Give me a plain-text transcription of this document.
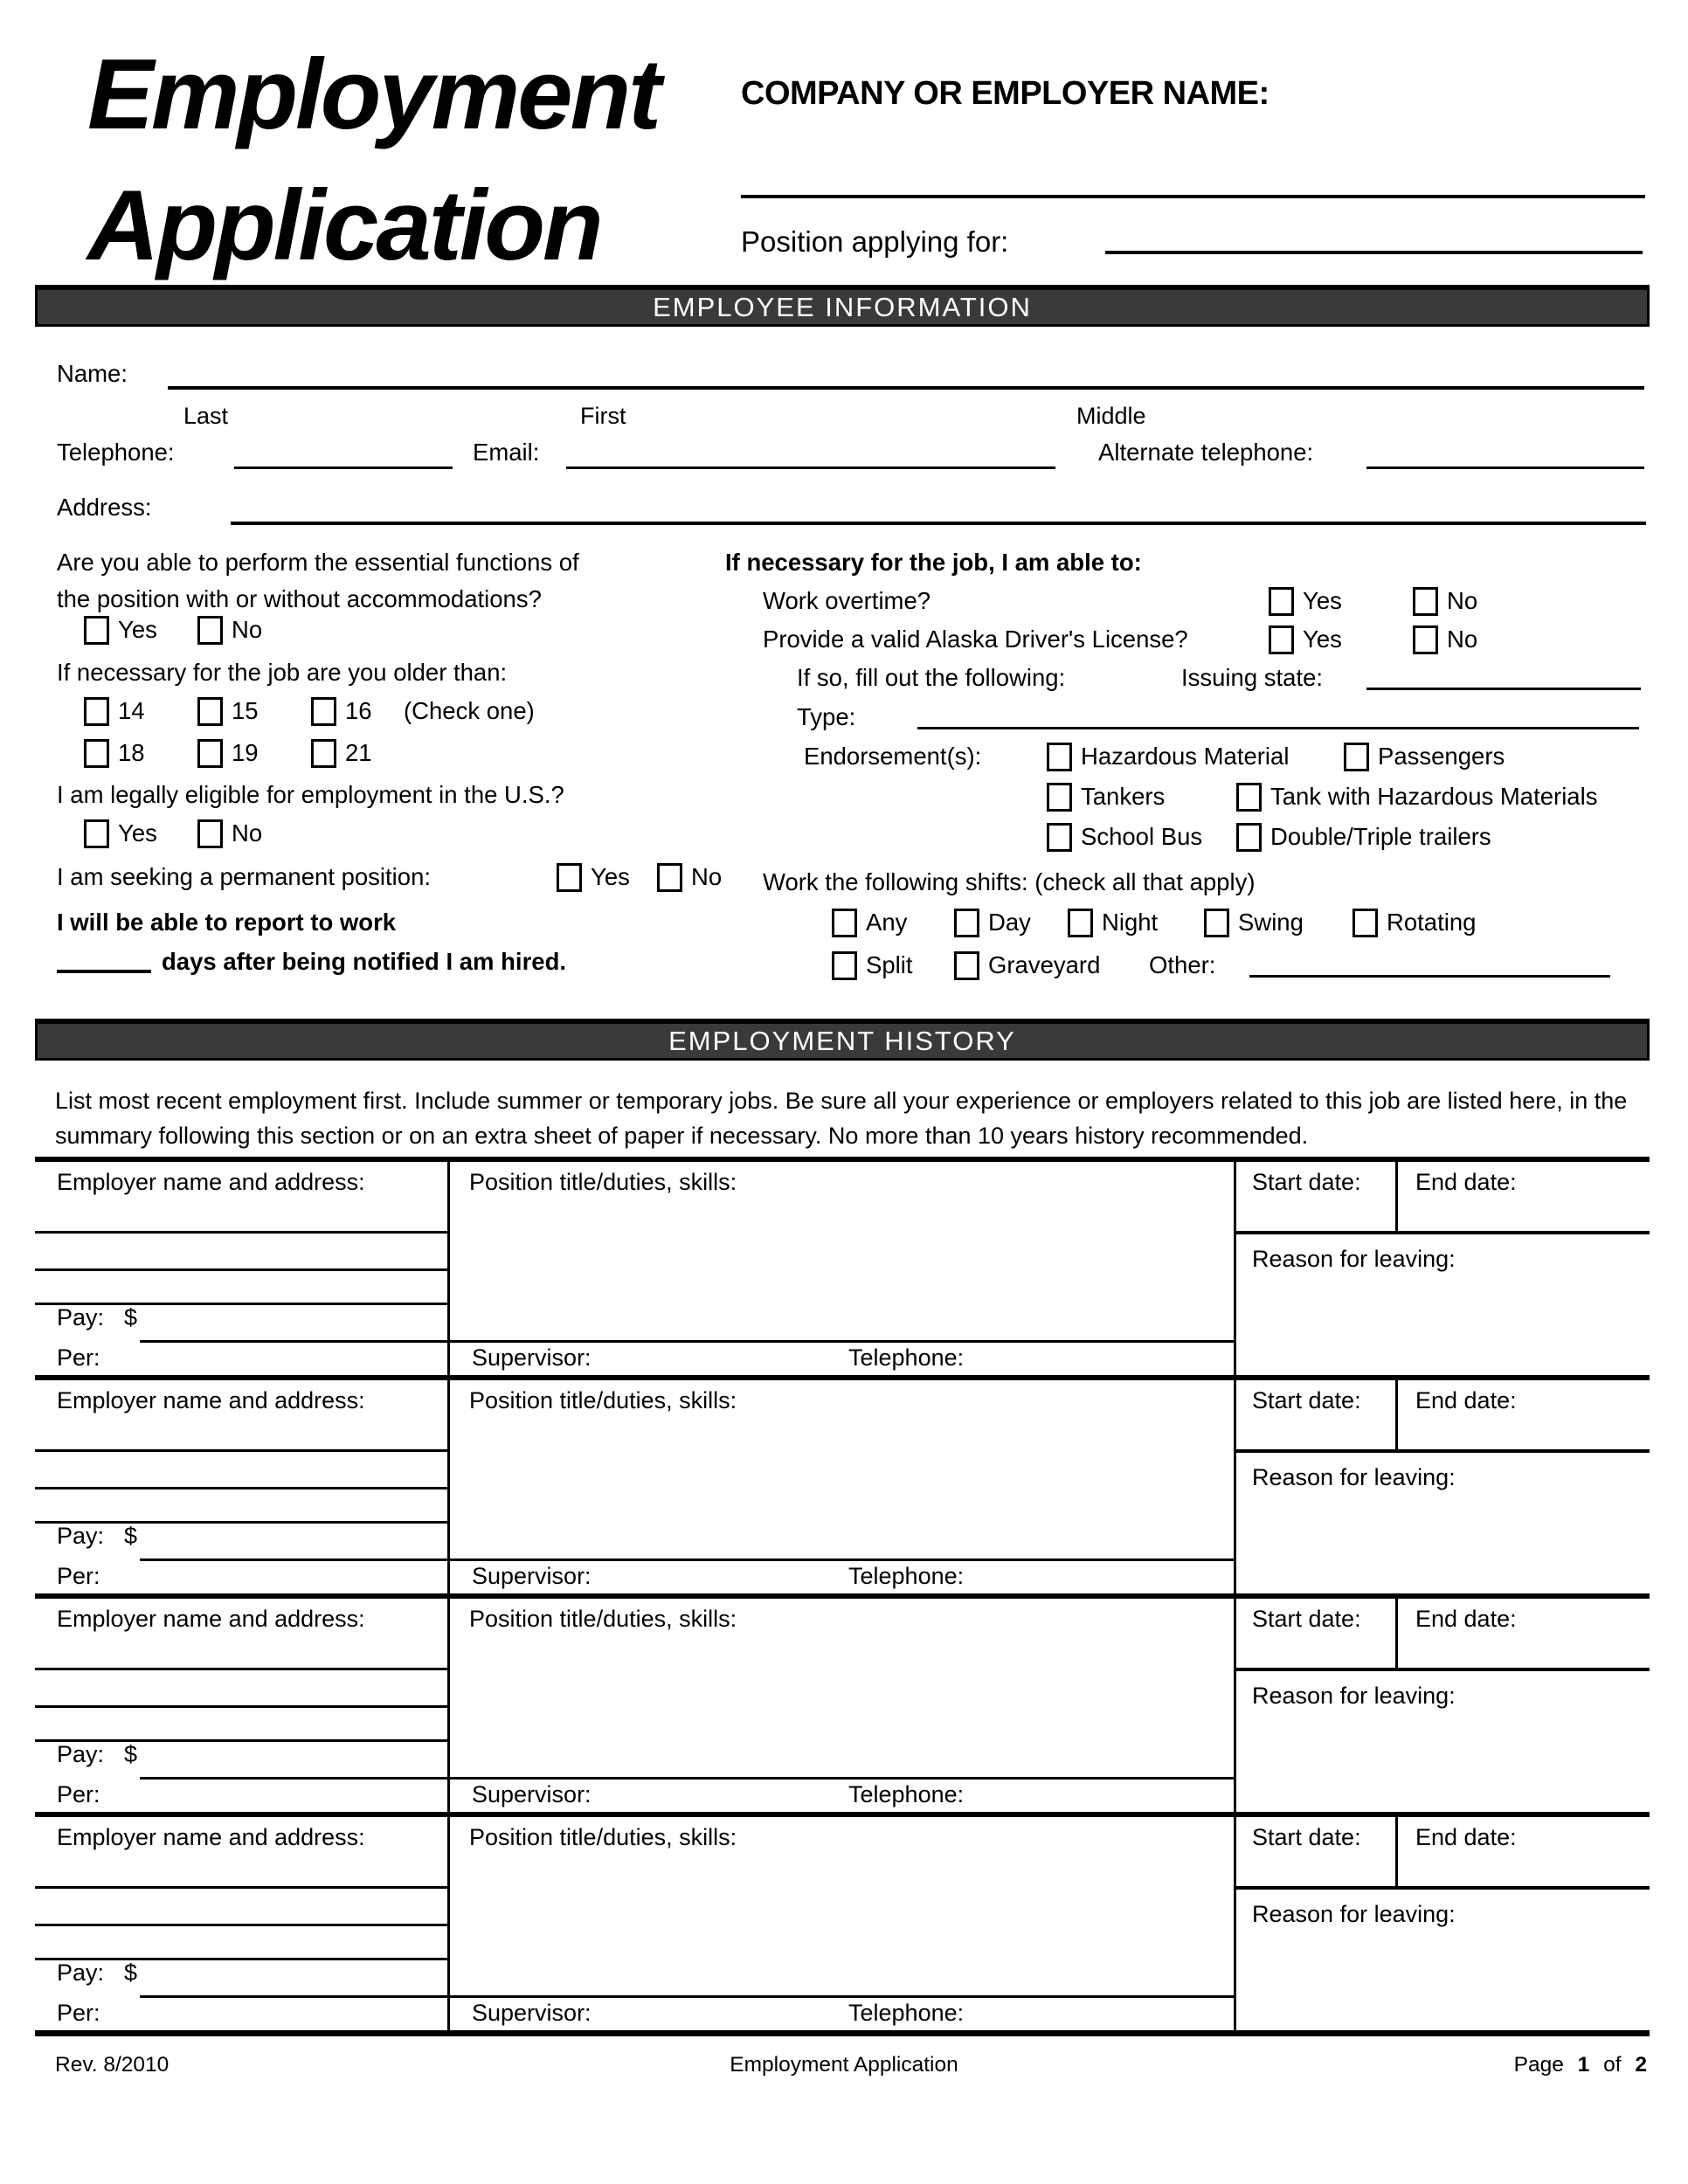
Employment
Application
COMPANY OR EMPLOYER NAME:
Position applying for:
EMPLOYEE INFORMATION
Name:
Last	First	Middle
Telephone:	Email:	Alternate telephone:
Address:
Are you able to perform the essential functions of
the position with or without accommodations?
Yes	No
If necessary for the job are you older than:
14	15	16 (Check one)
18	19	21
I am legally eligible for employment in the U.S.?
Yes	No
I am seeking a permanent position:	Yes	No
I will be able to report to work
days after being notified I am hired.
If necessary for the job, I am able to:
Work overtime?	Yes	No
Provide a valid Alaska Driver's License?	Yes	No
If so, fill out the following:	Issuing state:
Type:
Endorsement(s):	Hazardous Material	Passengers
Tankers	Tank with Hazardous Materials
School Bus	Double/Triple trailers
Work the following shifts: (check all that apply)
Any	Day	Night	Swing	Rotating
Split	Graveyard Other:
EMPLOYMENT HISTORY
List most recent employment first. Include summer or temporary jobs. Be sure all your experience or employers related to this job are listed here, in the summary following this section or on an extra sheet of paper if necessary. No more than 10 years history recommended.
Employer name and address:
Pay: $
Per:
Position title/duties, skills:
Supervisor:	Telephone:
Start date: End date:
Reason for leaving:
Employer name and address:
Pay: $
Per:
Position title/duties, skills:
Supervisor:	Telephone:
Start date: End date:
Reason for leaving:
Employer name and address:
Pay: $
Per:
Position title/duties, skills:
Supervisor:	Telephone:
Start date: End date:
Reason for leaving:
Employer name and address:
Pay: $
Per:
Position title/duties, skills:
Supervisor:	Telephone:
Start date: End date:
Reason for leaving:
Rev. 8/2010	Employment Application	Page 1 of 2
